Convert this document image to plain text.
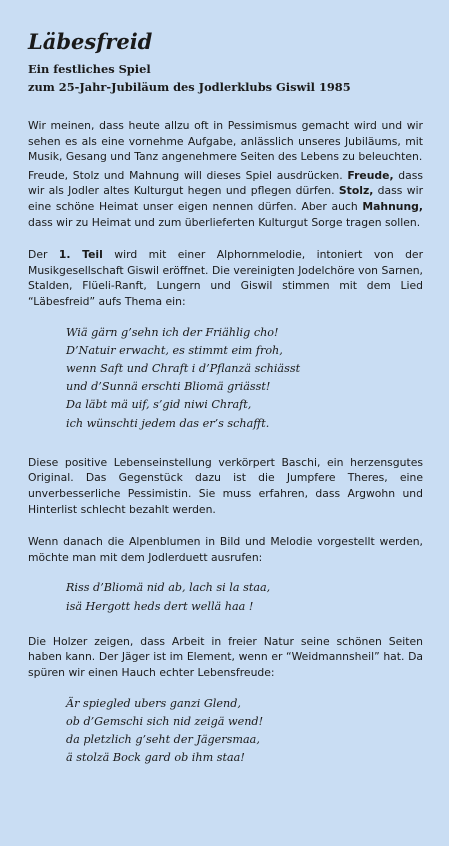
Läbesfreid

Ein festliches Spiel

zum 25-Jahr-Jubiläum des Jodlerklubs Giswil 1985

Wir meinen, dass heute allzu oft in Pessimismus gemacht wird und wir sehen es als eine vornehme Aufgabe, anlässlich unseres Jubiläums, mit Musik, Gesang und Tanz angenehmere Seiten des Lebens zu beleuchten.

Freude, Stolz und Mahnung will dieses Spiel ausdrücken. Freude, dass wir als Jodler altes Kulturgut hegen und pflegen dürfen. Stolz, dass wir eine schöne Heimat unser eigen nennen dürfen. Aber auch Mahnung, dass wir zu Heimat und zum überlieferten Kulturgut Sorge tragen sollen.

Der 1. Teil wird mit einer Alphornmelodie, intoniert von der Musikgesellschaft Giswil eröffnet. Die vereinigten Jodelchöre von Sarnen, Stalden, Flüeli-Ranft, Lungern und Giswil stimmen mit dem Lied “Läbesfreid” aufs Thema ein:

Wiä gärn g’sehn ich der Friählig cho!

D’Natuir erwacht, es stimmt eim froh,

wenn Saft und Chraft i d’Pflanzä schiässt

und d’Sunnä erschti Bliomä griässt!

Da läbt mä uif, s’gid niwi Chraft,

ich wünschti jedem das er’s schafft.

Diese positive Lebenseinstellung verkörpert Baschi, ein herzensgutes Original. Das Gegenstück dazu ist die Jumpfere Theres, eine unverbesserliche Pessimistin. Sie muss erfahren, dass Argwohn und Hinterlist schlecht bezahlt werden.

Wenn danach die Alpenblumen in Bild und Melodie vorgestellt werden, möchte man mit dem Jodlerduett ausrufen:

Riss d’Bliomä nid ab, lach si la staa,

isä Hergott heds dert wellä haa !

Die Holzer zeigen, dass Arbeit in freier Natur seine schönen Seiten haben kann. Der Jäger ist im Element, wenn er “Weidmannsheil” hat. Da spüren wir einen Hauch echter Lebensfreude:

Är spiegled ubers ganzi Glend,

ob d’Gemschi sich nid zeigä wend!

da pletzlich g’seht der Jägersmaa,

ä stolzä Bock gard ob ihm staa!
